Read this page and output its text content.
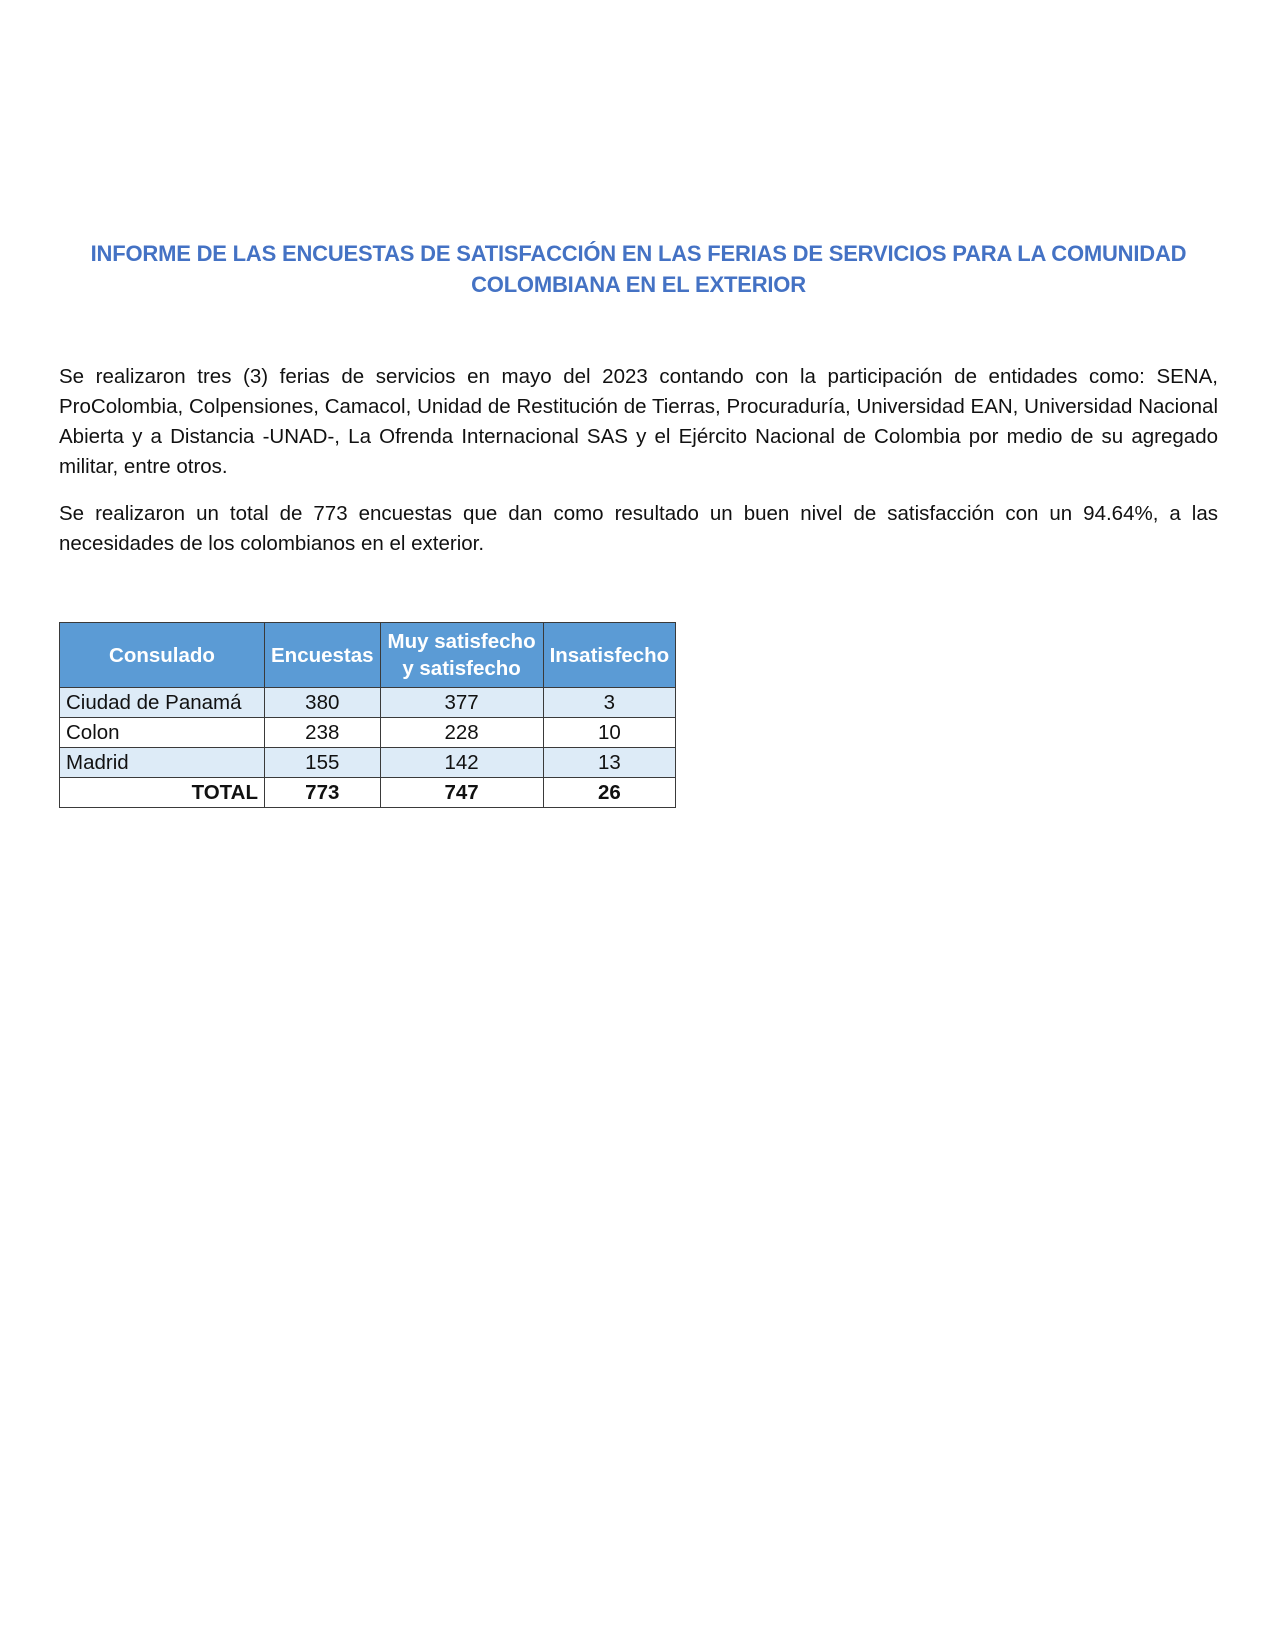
INFORME DE LAS ENCUESTAS DE SATISFACCIÓN EN LAS FERIAS DE SERVICIOS PARA LA COMUNIDAD
COLOMBIANA EN EL EXTERIOR

Se realizaron tres (3) ferias de servicios en mayo del 2023 contando con la participación de entidades como: SENA, ProColombia, Colpensiones, Camacol, Unidad de Restitución de Tierras, Procuraduría, Universidad EAN, Universidad Nacional Abierta y a Distancia -UNAD-, La Ofrenda Internacional SAS y el Ejército Nacional de Colombia por medio de su agregado militar, entre otros.

Se realizaron un total de 773 encuestas que dan como resultado un buen nivel de satisfacción con un 94.64%, a las necesidades de los colombianos en el exterior.

Consulado	Encuestas	Muy satisfecho y satisfecho	Insatisfecho
Ciudad de Panamá	380	377	3
Colon	238	228	10
Madrid	155	142	13
TOTAL	773	747	26
